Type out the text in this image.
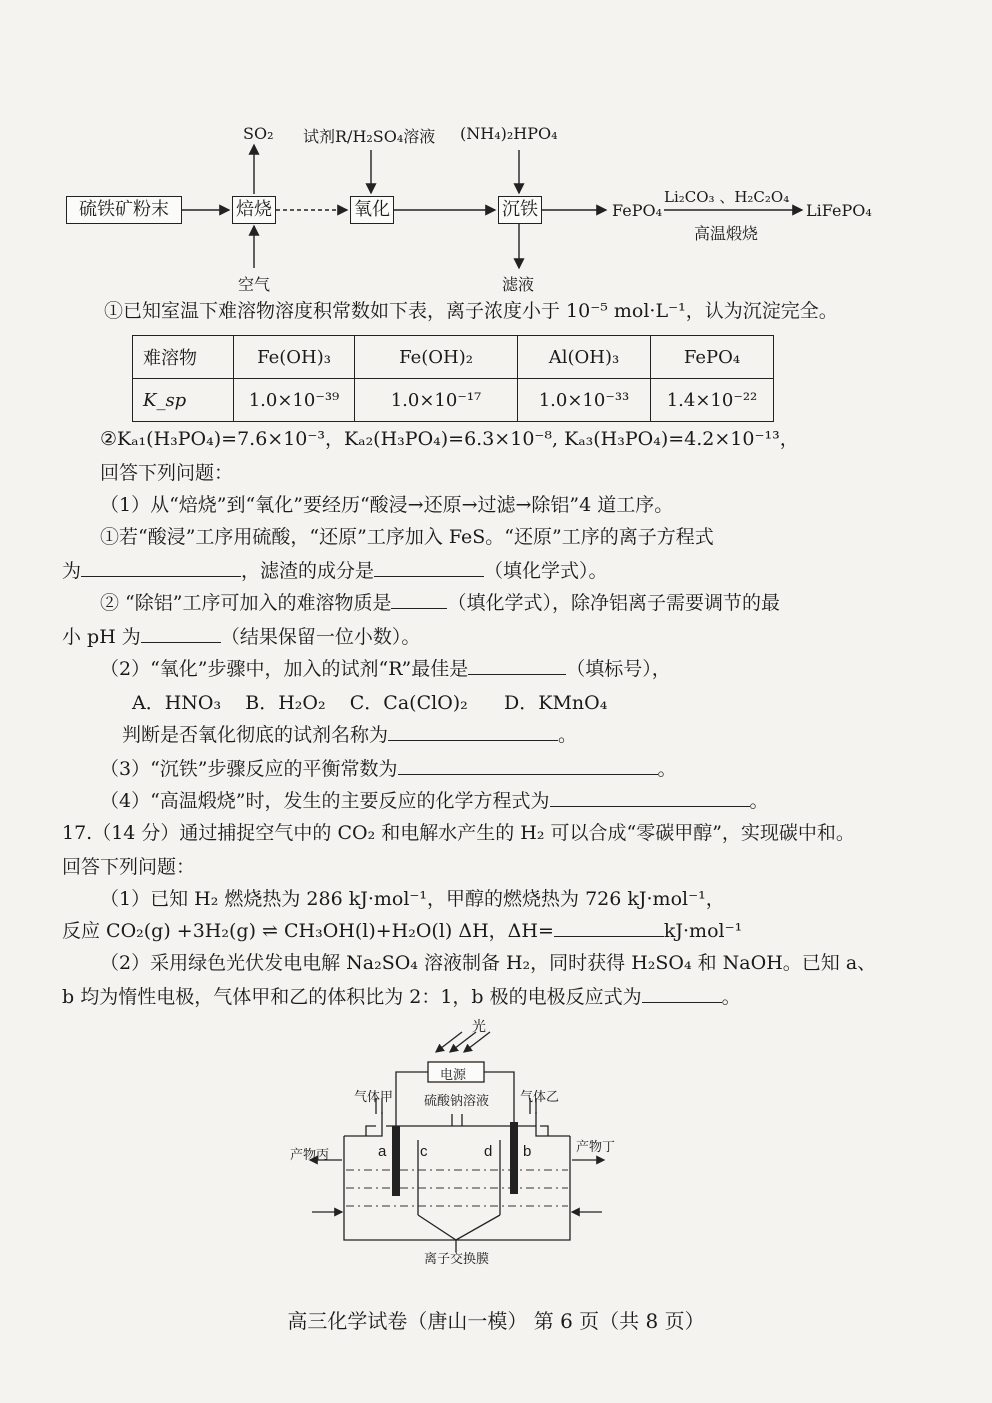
硫铁矿粉末	焙烧	氧化	沉铁
SO₂ 试剂R/H₂SO₄溶液 (NH₄)₂HPO₄
空气	滤液
FePO₄
Li₂CO₃ 、H₂C₂O₄
高温煅烧
LiFePO₄
①已知室温下难溶物溶度积常数如下表，离子浓度小于 10⁻⁵ mol·L⁻¹，认为沉淀完全。
难溶物	Fe(OH)₃	Fe(OH)₂	Al(OH)₃	FePO₄
K_sp	1.0×10⁻³⁹	1.0×10⁻¹⁷	1.0×10⁻³³	1.4×10⁻²²
②Kₐ₁(H₃PO₄)=7.6×10⁻³，Kₐ₂(H₃PO₄)=6.3×10⁻⁸, Kₐ₃(H₃PO₄)=4.2×10⁻¹³，
回答下列问题：
（1）从“焙烧”到“氧化”要经历“酸浸→还原→过滤→除铝”4 道工序。
①若“酸浸”工序用硫酸，“还原”工序加入 FeS。“还原”工序的离子方程式
为	，滤渣的成分是	（填化学式）。
② “除铝”工序可加入的难溶物质是	（填化学式），除净铝离子需要调节的最
小 pH 为	（结果保留一位小数）。
（2）“氧化”步骤中，加入的试剂“R”最佳是	（填标号），
A．HNO₃    B．H₂O₂    C．Ca(ClO)₂      D．KMnO₄
判断是否氧化彻底的试剂名称为	。
（3）“沉铁”步骤反应的平衡常数为	。
（4）“高温煅烧”时，发生的主要反应的化学方程式为	。
17.（14 分）通过捕捉空气中的 CO₂ 和电解水产生的 H₂ 可以合成“零碳甲醇”，实现碳中和。
回答下列问题：
（1）已知 H₂ 燃烧热为 286 kJ·mol⁻¹，甲醇的燃烧热为 726 kJ·mol⁻¹，
反应 CO₂(g) +3H₂(g) ⇌ CH₃OH(l)+H₂O(l) ΔH，ΔH=	kJ·mol⁻¹
（2）采用绿色光伏发电电解 Na₂SO₄ 溶液制备 H₂，同时获得 H₂SO₄ 和 NaOH。已知 a、
b 均为惰性电极，气体甲和乙的体积比为 2：1，b 极的电极反应式为	。
光
电源
气体甲	气体乙
硫酸钠溶液
产物丙
产物丁
a c	d b
离子交换膜
高三化学试卷（唐山一模） 第 6 页（共 8 页）
